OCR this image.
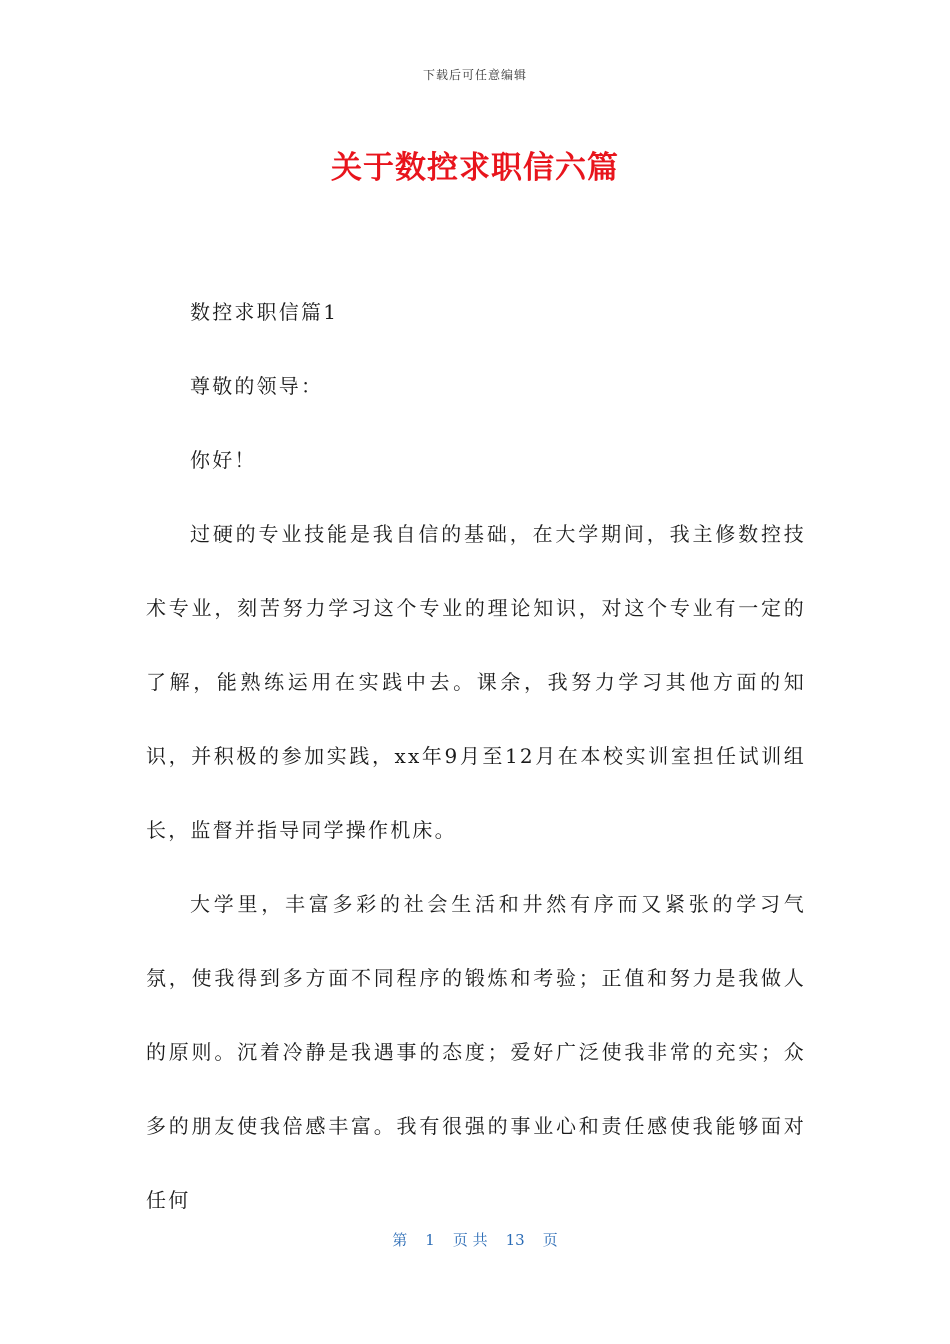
下载后可任意编辑
关于数控求职信六篇

数控求职信篇1

尊敬的领导：

你好！

过硬的专业技能是我自信的基础，在大学期间，我主修数控技术专业，刻苦努力学习这个专业的理论知识，对这个专业有一定的了解，能熟练运用在实践中去。课余，我努力学习其他方面的知识，并积极的参加实践，xx年9月至12月在本校实训室担任试训组长，监督并指导同学操作机床。

大学里，丰富多彩的社会生活和井然有序而又紧张的学习气氛，使我得到多方面不同程序的锻炼和考验；正值和努力是我做人的原则。沉着冷静是我遇事的态度；爱好广泛使我非常的充实；众多的朋友使我倍感丰富。我有很强的事业心和责任感使我能够面对任何

第 1 页 共 13 页
